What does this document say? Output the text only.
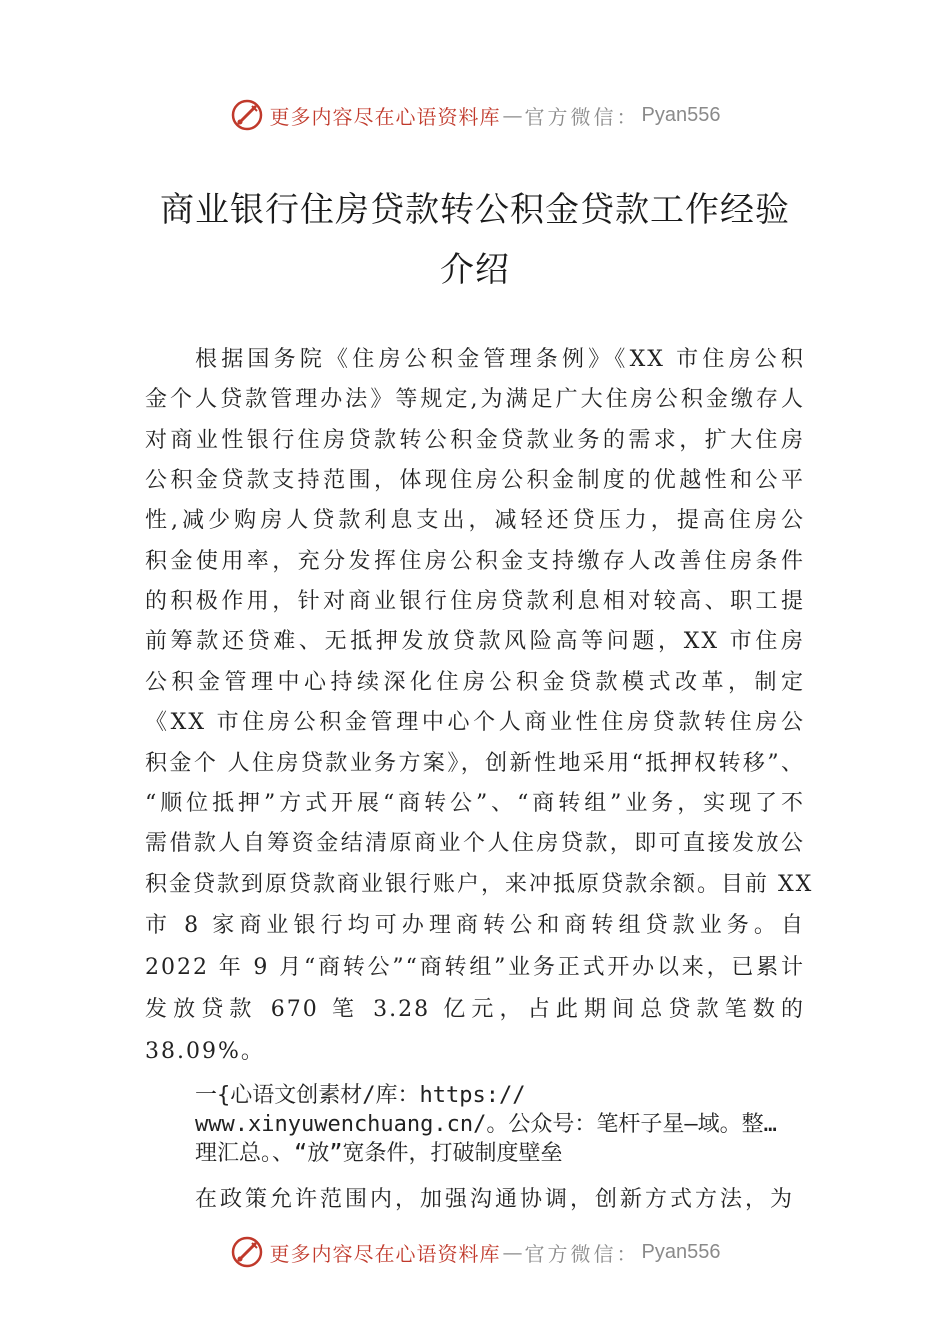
更多内容尽在心语资料库 — 官方微信： Pyan556
商业银行住房贷款转公积金贷款工作经验
介绍
根据国务院《住房公积金管理条例》《XX 市住房公积
金个人贷款管理办法》等规定,为满足广大住房公积金缴存人
对商业性银行住房贷款转公积金贷款业务的需求，扩大住房
公积金贷款支持范围，体现住房公积金制度的优越性和公平
性,减少购房人贷款利息支出，减轻还贷压力，提高住房公
积金使用率，充分发挥住房公积金支持缴存人改善住房条件
的积极作用，针对商业银行住房贷款利息相对较高、职工提
前筹款还贷难、无抵押发放贷款风险高等问题，XX 市住房
公积金管理中心持续深化住房公积金贷款模式改革，制定
《XX 市住房公积金管理中心个人商业性住房贷款转住房公
积金个 人住房贷款业务方案》，创新性地采用“抵押权转移”、
“顺位抵押”方式开展“商转公”、“商转组”业务，实现了不
需借款人自筹资金结清原商业个人住房贷款，即可直接发放公
积金贷款到原贷款商业银行账户，来冲抵原贷款余额。目前 XX
市 8 家商业银行均可办理商转公和商转组贷款业务。自
2022 年 9 月“商转公”“商转组”业务正式开办以来，已累计
发放贷款 670 笔 3.28 亿元，占此期间总贷款笔数的
38.09%。
一{心语文创素材/库：https://
www.xinyuwenchuang.cn/。公众号：笔杆子星—域。整…
理汇总。、“放”宽条件，打破制度壁垒
在政策允许范围内，加强沟通协调，创新方式方法，为
更多内容尽在心语资料库 — 官方微信： Pyan556
